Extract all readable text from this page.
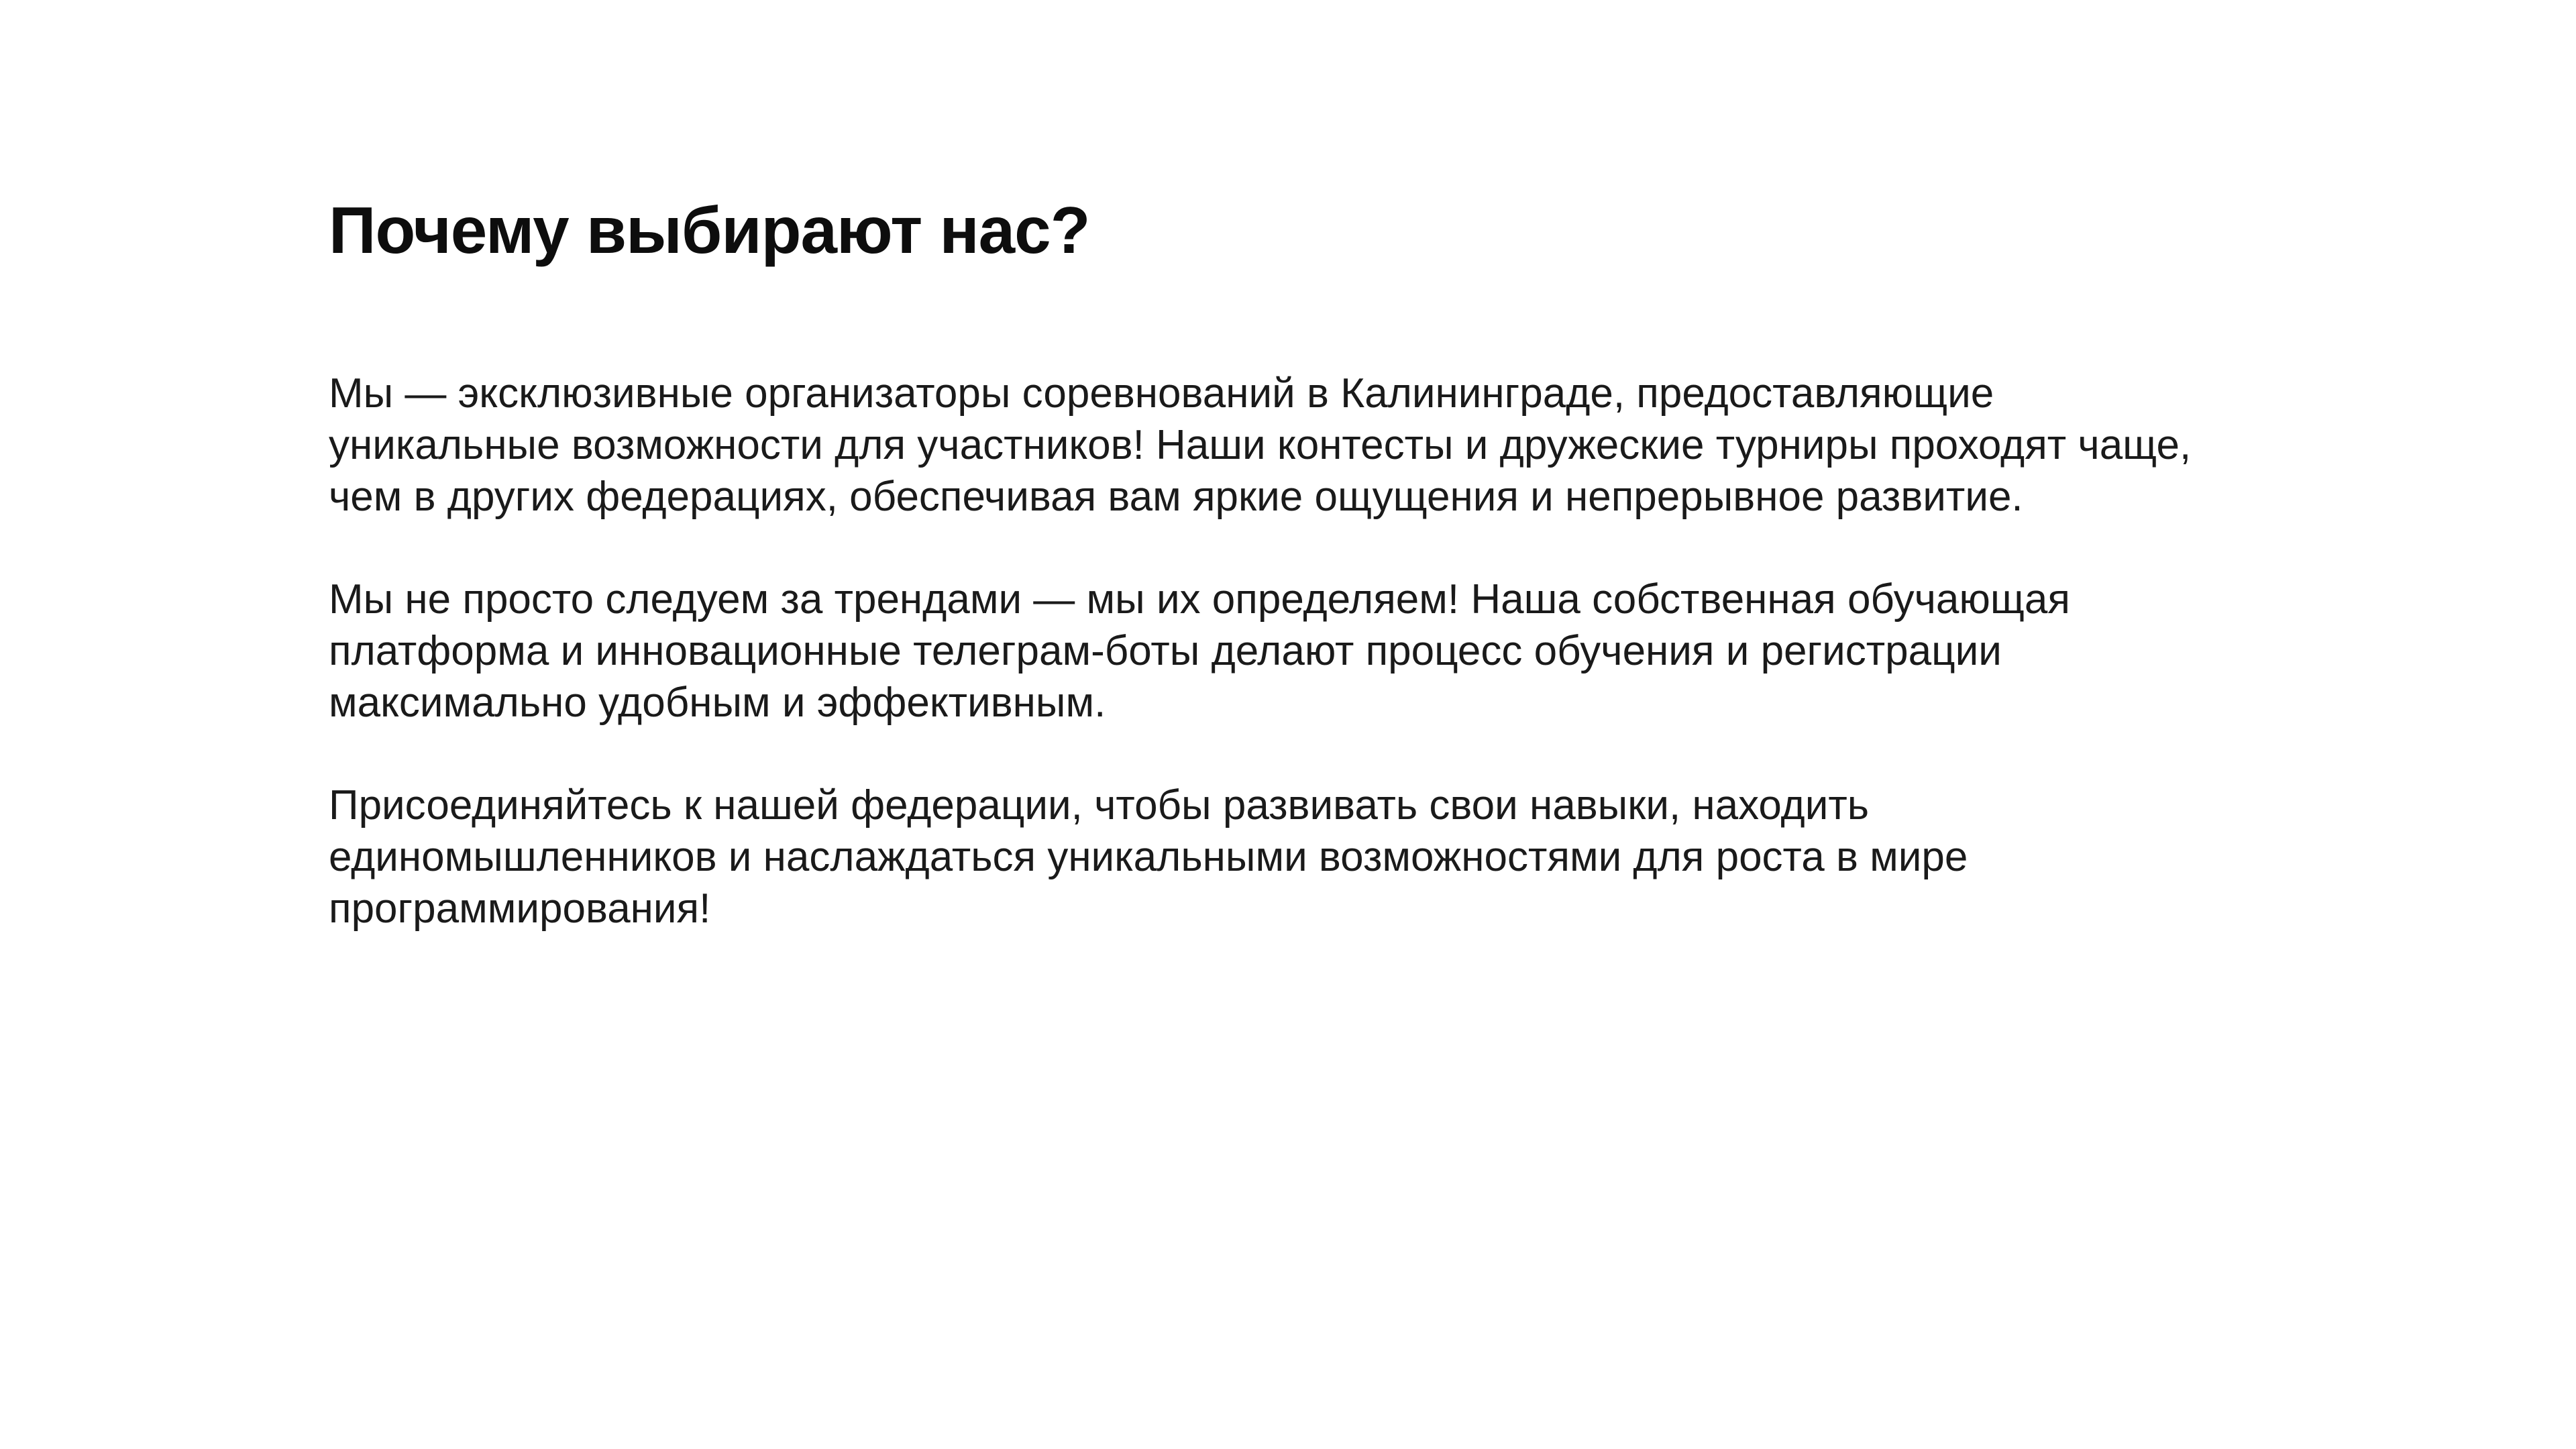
Почему выбирают нас?

Мы — эксклюзивные организаторы соревнований в Калининграде, предоставляющие
уникальные возможности для участников! Наши контесты и дружеские турниры проходят чаще,
чем в других федерациях, обеспечивая вам яркие ощущения и непрерывное развитие.

Мы не просто следуем за трендами — мы их определяем! Наша собственная обучающая
платформа и инновационные телеграм-боты делают процесс обучения и регистрации
максимально удобным и эффективным.

Присоединяйтесь к нашей федерации, чтобы развивать свои навыки, находить
единомышленников и наслаждаться уникальными возможностями для роста в мире
программирования!
